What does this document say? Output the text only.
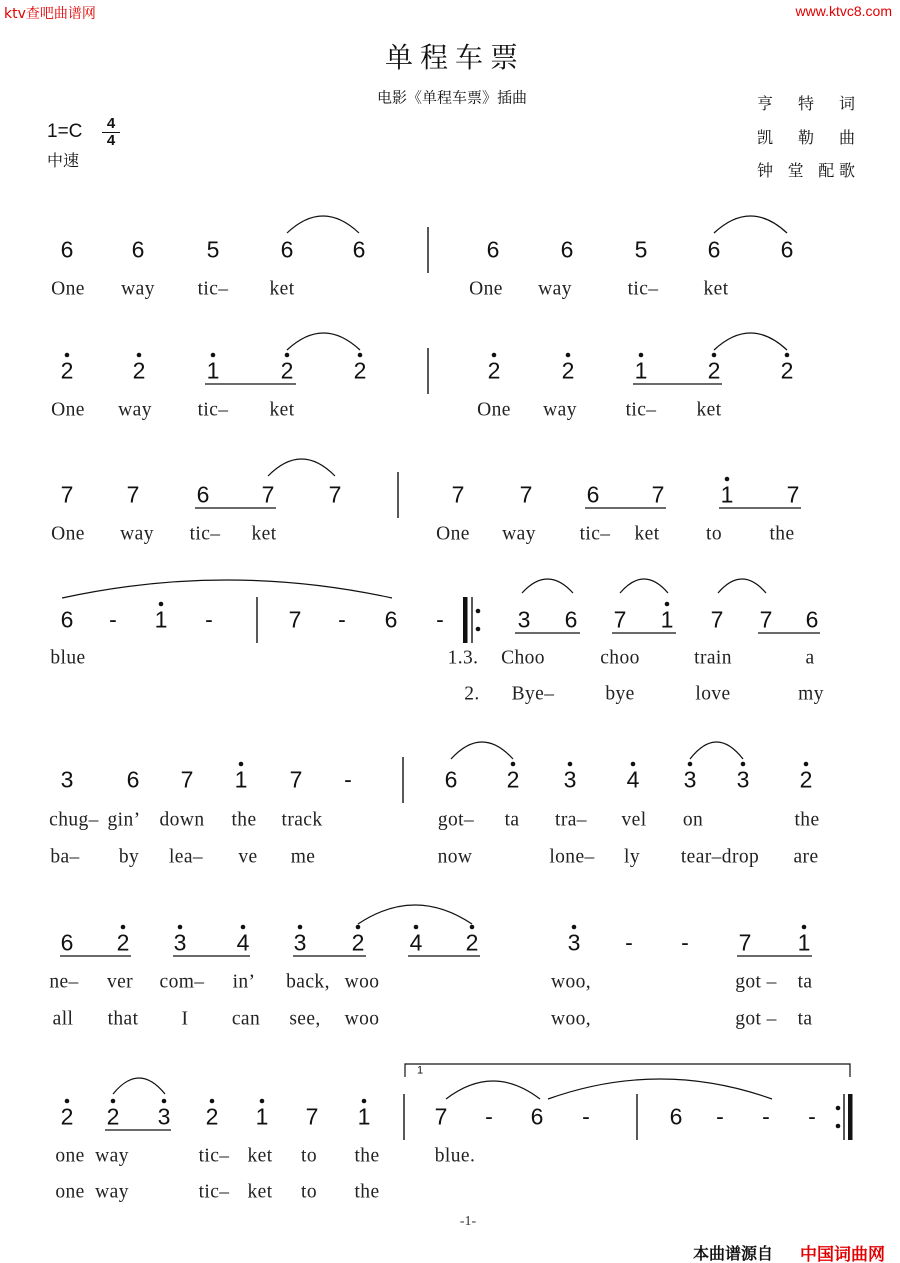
ktv查吧曲谱网	www.ktvc8.com
单程车票
电影《单程车票》插曲
1=C	4
4
中速
亨 特 词
凯 勒 曲
钟 堂 配歌
6	6	5	6	6	6	6	5	6	6
One way tic– ket	One way	tic– ket
2	2	1	2	2	2	2	1	2	2
One way tic– ket	One way tic– ket
7 7 6 7 7	7 7 6 7 1 7
One way tic– ket	One way tic– ket to the
6 - 1 -	7 - 6 -	3 6 7 1 7 7 6
blue	1.3. Choo	choo	train	a
2. Bye–	bye	love	my
3 6 7 1 7 -	6 2 3 4 3 3 2
chug– gin’ down the track	got– ta tra– vel on	the
ba– by lea– ve me	now	lone– ly tear–drop are
6 2 3 4 3 2 4 2	3 - - 7 1
ne– ver com– in’ back, woo	woo,	got – ta
all that I can see, woo	woo,	got – ta
2 2 3 2 1 7 1	7 - 6 -	6 - - -
one way	tic– ket to the	blue.
one way	tic– ket to the
1
-1-
本曲谱源自 中国词曲网
